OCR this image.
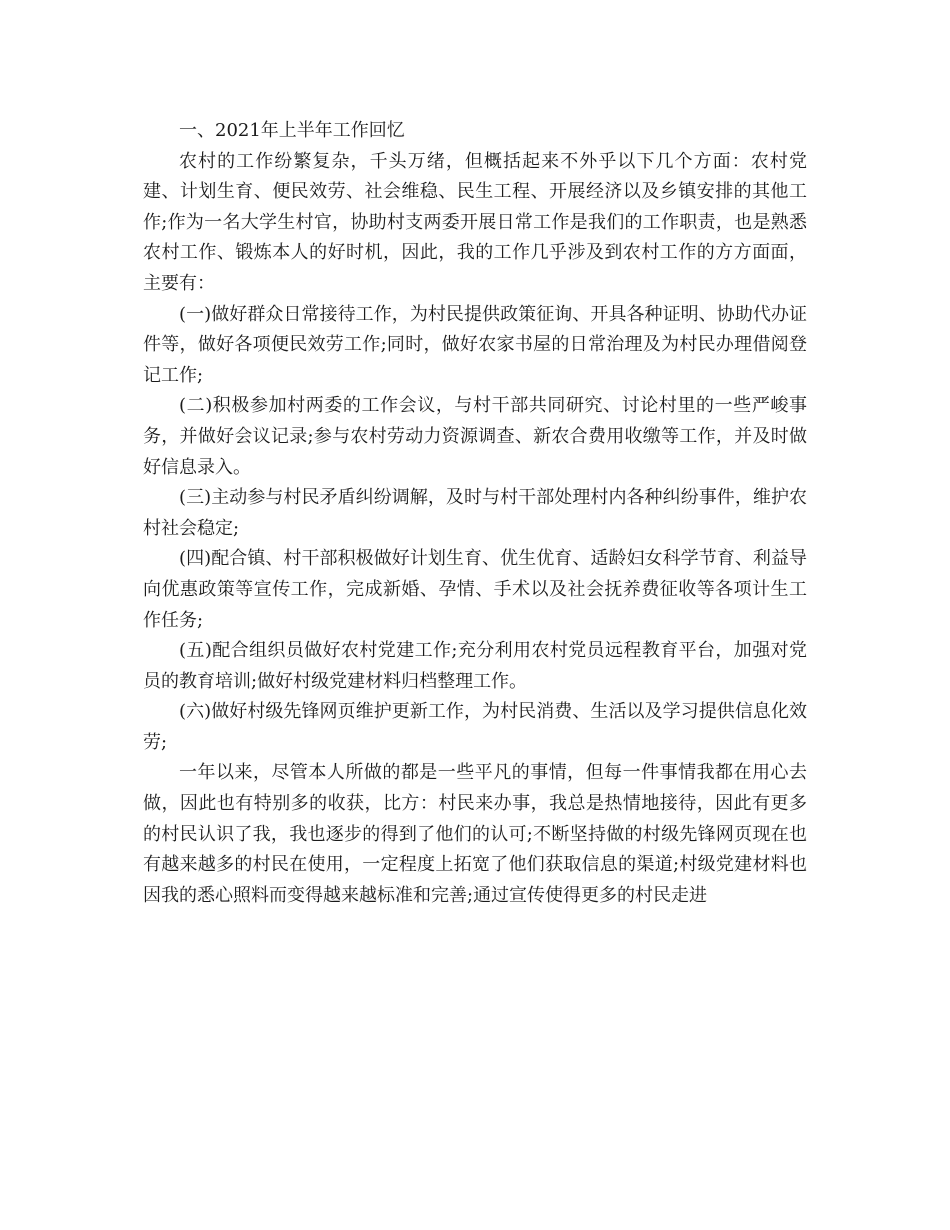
一、2021年上半年工作回忆

农村的工作纷繁复杂，千头万绪，但概括起来不外乎以下几个方面：农村党建、计划生育、便民效劳、社会维稳、民生工程、开展经济以及乡镇安排的其他工作;作为一名大学生村官，协助村支两委开展日常工作是我们的工作职责，也是熟悉农村工作、锻炼本人的好时机，因此，我的工作几乎涉及到农村工作的方方面面，主要有：

(一)做好群众日常接待工作，为村民提供政策征询、开具各种证明、协助代办证件等，做好各项便民效劳工作;同时，做好农家书屋的日常治理及为村民办理借阅登记工作;

(二)积极参加村两委的工作会议，与村干部共同研究、讨论村里的一些严峻事务，并做好会议记录;参与农村劳动力资源调查、新农合费用收缴等工作，并及时做好信息录入。

(三)主动参与村民矛盾纠纷调解，及时与村干部处理村内各种纠纷事件，维护农村社会稳定;

(四)配合镇、村干部积极做好计划生育、优生优育、适龄妇女科学节育、利益导向优惠政策等宣传工作，完成新婚、孕情、手术以及社会抚养费征收等各项计生工作任务;

(五)配合组织员做好农村党建工作;充分利用农村党员远程教育平台，加强对党员的教育培训;做好村级党建材料归档整理工作。

(六)做好村级先锋网页维护更新工作，为村民消费、生活以及学习提供信息化效劳;

一年以来，尽管本人所做的都是一些平凡的事情，但每一件事情我都在用心去做，因此也有特别多的收获，比方：村民来办事，我总是热情地接待，因此有更多的村民认识了我，我也逐步的得到了他们的认可;不断坚持做的村级先锋网页现在也有越来越多的村民在使用，一定程度上拓宽了他们获取信息的渠道;村级党建材料也因我的悉心照料而变得越来越标准和完善;通过宣传使得更多的村民走进
